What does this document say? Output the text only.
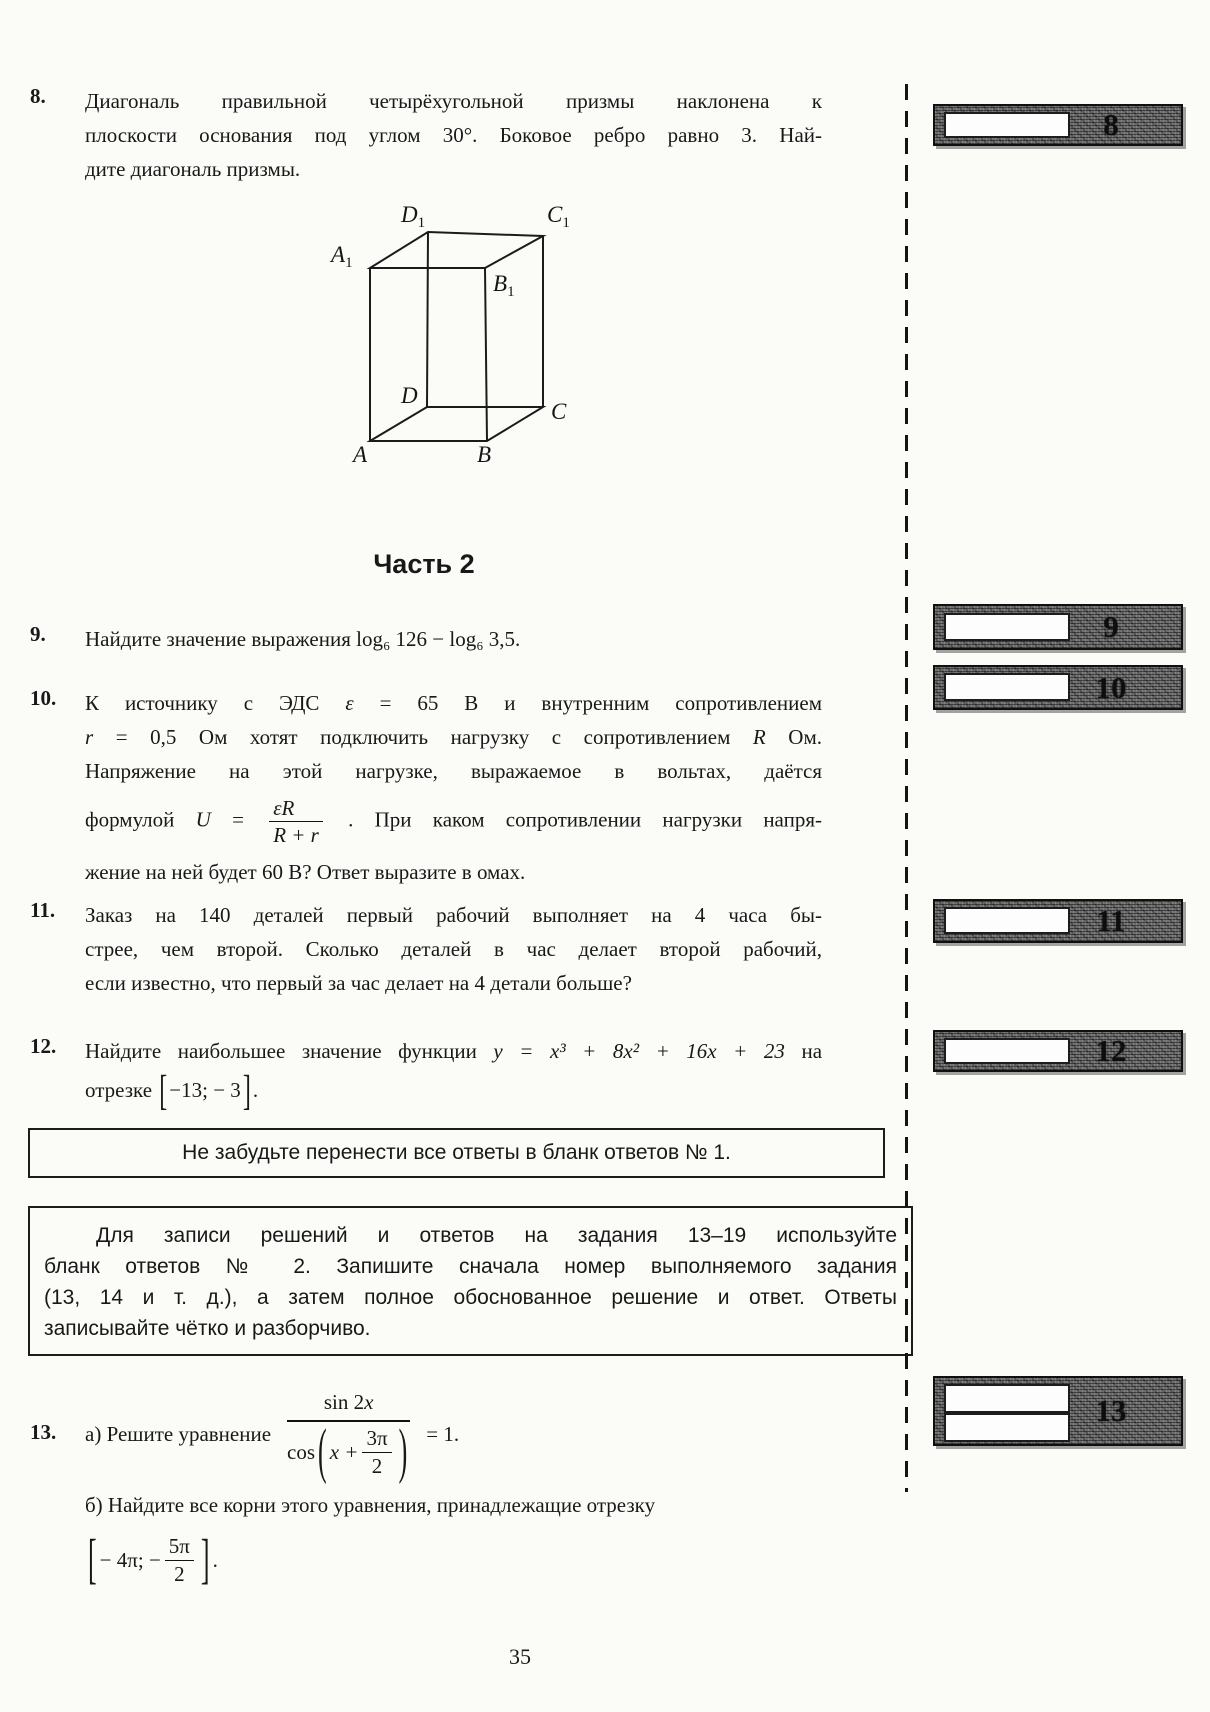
8. Диагональ правильной четырёхугольной призмы наклонена к
плоскости основания под углом 30°. Боковое ребро равно 3. Най-
дите диагональ призмы.
A	B
C
D
$A_1$
$B_1$
$C_1$
$D_1$
Часть 2
9. Найдите значение выражения log₆ 126 − log₆ 3,5.
10. К источнику с ЭДС ε = 65 В и внутренним сопротивлением
r = 0,5 Ом хотят подключить нагрузку с сопротивлением R Ом.
Напряжение на этой нагрузке, выражаемое в вольтах, даётся
формулой $U = \frac{\varepsilon R}{R + r}$ . При каком сопротивлении нагрузки напря-
жение на ней будет 60 В? Ответ выразите в омах.
11. Заказ на 140 деталей первый рабочий выполняет на 4 часа бы-
стрее, чем второй. Сколько деталей в час делает второй рабочий,
если известно, что первый за час делает на 4 детали больше?
12. Найдите наибольшее значение функции y = x³ + 8x² + 16x + 23 на
отрезке [−13; − 3].
Не забудьте перенести все ответы в бланк ответов № 1.
Для записи решений и ответов на задания 13–19 используйте
бланк ответов № 2. Запишите сначала номер выполняемого задания
(13, 14 и т. д.), а затем полное обоснованное решение и ответ. Ответы
записывайте чётко и разборчиво.
13. а) Решите уравнение $\frac{\sin 2x}{\cos ( x + \frac{3\pi}{2} )} = 1$.
б) Найдите все корни этого уравнения, принадлежащие отрезку
[ − 4π; − $\frac{5\pi}{2}$ ] .
35
8
9
10
11
12
13
